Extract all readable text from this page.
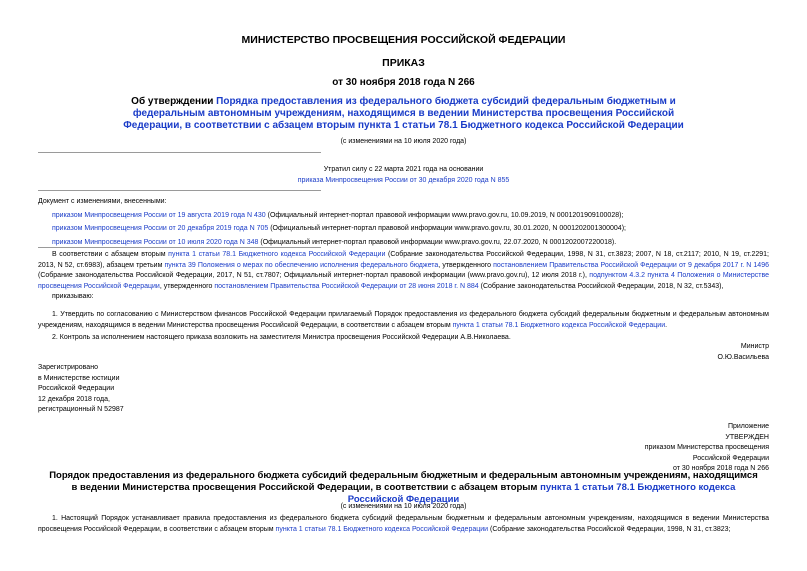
МИНИСТЕРСТВО ПРОСВЕЩЕНИЯ РОССИЙСКОЙ ФЕДЕРАЦИИ
ПРИКАЗ
от 30 ноября 2018 года N 266
Об утверждении Порядка предоставления из федерального бюджета субсидий федеральным бюджетным и федеральным автономным учреждениям, находящимся в ведении Министерства просвещения Российской Федерации, в соответствии с абзацем вторым пункта 1 статьи 78.1 Бюджетного кодекса Российской Федерации
(с изменениями на 10 июля 2020 года)
Утратил силу с 22 марта 2021 года на основании
приказа Минпросвещения России от 30 декабря 2020 года N 855
Документ с изменениями, внесенными:
приказом Минпросвещения России от 19 августа 2019 года N 430 (Официальный интернет-портал правовой информации www.pravo.gov.ru, 10.09.2019, N 0001201909100028);
приказом Минпросвещения России от 20 декабря 2019 года N 705 (Официальный интернет-портал правовой информации www.pravo.gov.ru, 30.01.2020, N 0001202001300004);
приказом Минпросвещения России от 10 июля 2020 года N 348 (Официальный интернет-портал правовой информации www.pravo.gov.ru, 22.07.2020, N 0001202007220018).
В соответствии с абзацем вторым пункта 1 статьи 78.1 Бюджетного кодекса Российской Федерации (Собрание законодательства Российской Федерации, 1998, N 31, ст.3823; 2007, N 18, ст.2117; 2010, N 19, ст.2291; 2013, N 52, ст.6983), абзацем третьим пункта 39 Положения о мерах по обеспечению исполнения федерального бюджета, утвержденного постановлением Правительства Российской Федерации от 9 декабря 2017 г. N 1496 (Собрание законодательства Российской Федерации, 2017, N 51, ст.7807; Официальный интернет-портал правовой информации (www.pravo.gov.ru), 12 июля 2018 г.), подпунктом 4.3.2 пункта 4 Положения о Министерстве просвещения Российской Федерации, утвержденного постановлением Правительства Российской Федерации от 28 июня 2018 г. N 884 (Собрание законодательства Российской Федерации, 2018, N 32, ст.5343),
приказываю:
1. Утвердить по согласованию с Министерством финансов Российской Федерации прилагаемый Порядок предоставления из федерального бюджета субсидий федеральным бюджетным и федеральным автономным учреждениям, находящимся в ведении Министерства просвещения Российской Федерации, в соответствии с абзацем вторым пункта 1 статьи 78.1 Бюджетного кодекса Российской Федерации.
2. Контроль за исполнением настоящего приказа возложить на заместителя Министра просвещения Российской Федерации А.В.Николаева.
Министр
О.Ю.Васильева
Зарегистрировано
в Министерстве юстиции
Российской Федерации
12 декабря 2018 года,
регистрационный N 52987
Приложение
УТВЕРЖДЕН
приказом Министерства просвещения
Российской Федерации
от 30 ноября 2018 года N 266
Порядок предоставления из федерального бюджета субсидий федеральным бюджетным и федеральным автономным учреждениям, находящимся в ведении Министерства просвещения Российской Федерации, в соответствии с абзацем вторым пункта 1 статьи 78.1 Бюджетного кодекса Российской Федерации
(с изменениями на 10 июля 2020 года)
1. Настоящий Порядок устанавливает правила предоставления из федерального бюджета субсидий федеральным бюджетным и федеральным автономным учреждениям, находящимся в ведении Министерства просвещения Российской Федерации, в соответствии с абзацем вторым пункта 1 статьи 78.1 Бюджетного кодекса Российской Федерации (Собрание законодательства Российской Федерации, 1998, N 31, ст.3823;
